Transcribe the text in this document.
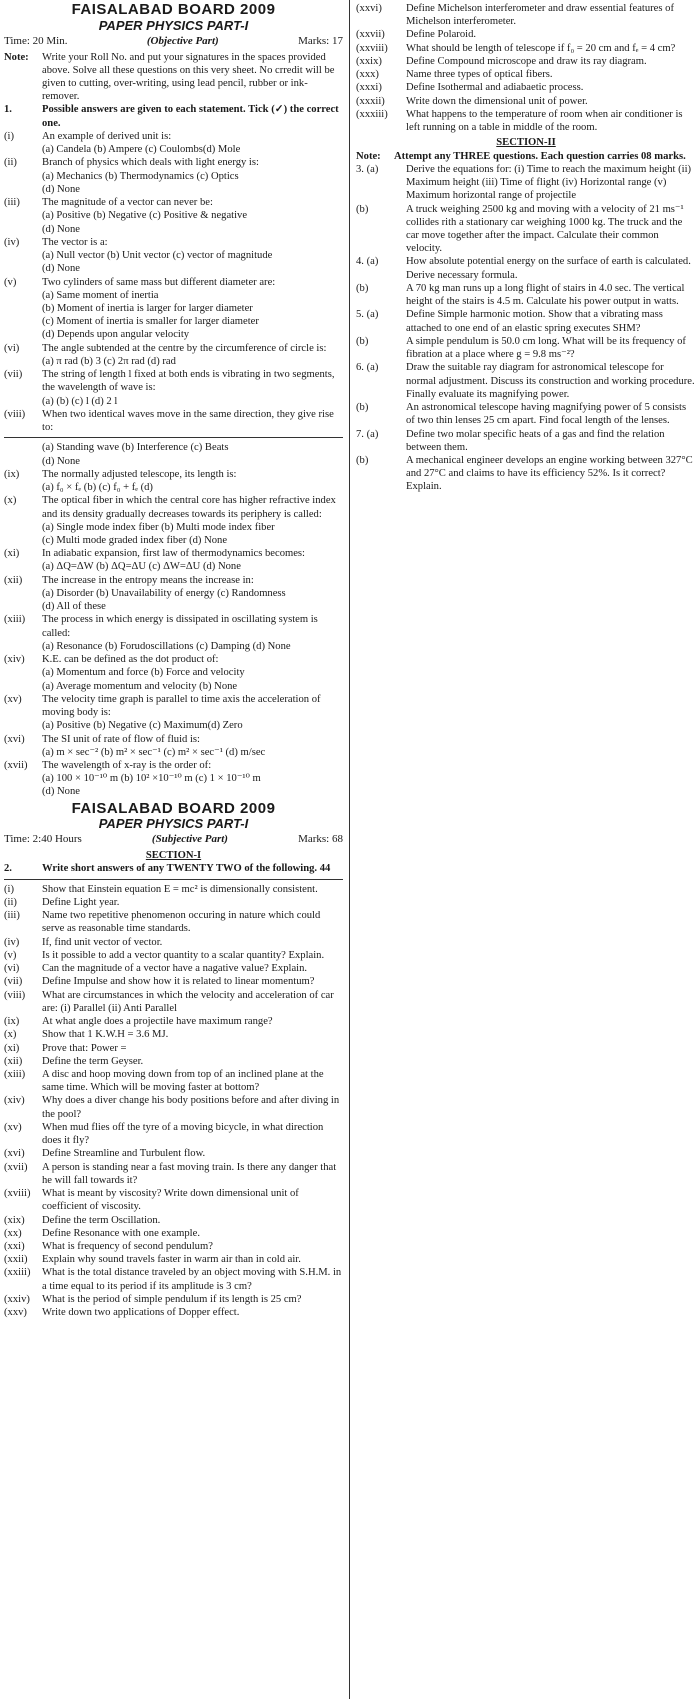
FAISALABAD BOARD 2009
PAPER PHYSICS PART-I
Time: 20 Min.	(Objective Part)	Marks: 17
Note:	Write your Roll No. and put your signatures in the spaces provided above. Solve all these questions on this very sheet. No crredit will be given to cutting, over-writing, using lead pencil, rubber or ink-remover.
1.	Possible answers are given to each statement. Tick (✓) the correct one.
(i)	An example of derived unit is:
(a) Candela (b) Ampere (c) Coulombs(d) Mole
(ii)	Branch of physics which deals with light energy is:
(a) Mechanics (b) Thermodynamics (c) Optics
(d) None
(iii)	The magnitude of a vector can never be:
(a) Positive (b) Negative (c) Positive & negative
(d) None
(iv)	The vector is a:
(a) Null vector (b) Unit vector (c) vector of magnitude
(d) None
(v)	Two cylinders of same mass but different diameter are:
(a) Same moment of inertia
(b) Moment of inertia is larger for larger diameter
(c) Moment of inertia is smaller for larger diameter
(d) Depends upon angular velocity
(vi)	The angle subtended at the centre by the circumference of circle is:
(a) π rad (b) 3 (c) 2π rad (d) rad
(vii)	The string of length l fixed at both ends is vibrating in two segments, the wavelength of wave is:
(a) (b) (c) l (d) 2 l
(viii)	When two identical waves move in the same direction, they give rise to:
(a) Standing wave (b) Interference (c) Beats
(d) None
(ix)	The normally adjusted telescope, its length is:
(a) f₀ × fₑ (b) (c) f₀ + fₑ (d)
(x)	The optical fiber in which the central core has higher refractive index and its density gradually decreases towards its periphery is called:
(a) Single mode index fiber (b) Multi mode index fiber
(c) Multi mode graded index fiber (d) None
(xi)	In adiabatic expansion, first law of thermodynamics becomes:
(a) ΔQ=ΔW (b) ΔQ=ΔU (c) ΔW=ΔU (d) None
(xii)	The increase in the entropy means the increase in:
(a) Disorder (b) Unavailability of energy (c) Randomness
(d) All of these
(xiii)	The process in which energy is dissipated in oscillating system is called:
(a) Resonance (b) Forudoscillations (c) Damping (d) None
(xiv)	K.E. can be defined as the dot product of:
(a) Momentum and force (b) Force and velocity
(a) Average momentum and velocity (b) None
(xv)	The velocity time graph is parallel to time axis the acceleration of moving body is:
(a) Positive (b) Negative (c) Maximum(d) Zero
(xvi)	The SI unit of rate of flow of fluid is:
(a) m × sec⁻² (b) m² × sec⁻¹ (c) m² × sec⁻¹ (d) m/sec
(xvii)	The wavelength of x-ray is the order of:
(a) 100 × 10⁻¹⁰ m (b) 10² ×10⁻¹⁰ m (c) 1 × 10⁻¹⁰ m
(d) None
FAISALABAD BOARD 2009
PAPER PHYSICS PART-I
Time: 2:40 Hours	(Subjective Part)	Marks: 68
SECTION-I
2.	Write short answers of any TWENTY TWO of the following. 44
(i)	Show that Einstein equation E = mc² is dimensionally consistent.
(ii)	Define Light year.
(iii)	Name two repetitive phenomenon occuring in nature which could serve as reasonable time standards.
(iv)	If, find unit vector of vector.
(v)	Is it possible to add a vector quantity to a scalar quantity? Explain.
(vi)	Can the magnitude of a vector have a nagative value? Explain.
(vii)	Define Impulse and show how it is related to linear momentum?
(viii)	What are circumstances in which the velocity and acceleration of car are: (i) Parallel (ii) Anti Parallel
(ix)	At what angle does a projectile have maximum range?
(x)	Show that 1 K.W.H = 3.6 MJ.
(xi)	Prove that: Power =
(xii)	Define the term Geyser.
(xiii)	A disc and hoop moving down from top of an inclined plane at the same time. Which will be moving faster at bottom?
(xiv)	Why does a diver change his body positions before and after diving in the pool?
(xv)	When mud flies off the tyre of a moving bicycle, in what direction does it fly?
(xvi)	Define Streamline and Turbulent flow.
(xvii)	A person is standing near a fast moving train. Is there any danger that he will fall towards it?
(xviii)	What is meant by viscosity? Write down dimensional unit of coefficient of viscosity.
(xix)	Define the term Oscillation.
(xx)	Define Resonance with one example.
(xxi)	What is frequency of second pendulum?
(xxii)	Explain why sound travels faster in warm air than in cold air.
(xxiii)	What is the total distance traveled by an object moving with S.H.M. in a time equal to its period if its amplitude is 3 cm?
(xxiv)	What is the period of simple pendulum if its length is 25 cm?
(xxv)	Write down two applications of Dopper effect.
(xxvi)	Define Michelson interferometer and draw essential features of Michelson interferometer.
(xxvii)	Define Polaroid.
(xxviii)	What should be length of telescope if f₀ = 20 cm and fₑ = 4 cm?
(xxix)	Define Compound microscope and draw its ray diagram.
(xxx)	Name three types of optical fibers.
(xxxi)	Define Isothermal and adiabaetic process.
(xxxii)	Write down the dimensional unit of power.
(xxxiii)	What happens to the temperature of room when air conditioner is left running on a table in middle of the room.
SECTION-II
Note:	Attempt any THREE questions. Each question carries 08 marks.
3. (a)	Derive the equations for: (i) Time to reach the maximum height (ii) Maximum height (iii) Time of flight (iv) Horizontal range (v) Maximum horizontal range of projectile
(b)	A truck weighing 2500 kg and moving with a velocity of 21 ms⁻¹ collides rith a stationary car weighing 1000 kg. The truck and the car move together after the impact. Calculate their common velocity.
4. (a)	How absolute potential energy on the surface of earth is calculated. Derive necessary formula.
(b)	A 70 kg man runs up a long flight of stairs in 4.0 sec. The vertical height of the stairs is 4.5 m. Calculate his power output in watts.
5. (a)	Define Simple harmonic motion. Show that a vibrating mass attached to one end of an elastic spring executes SHM?
(b)	A simple pendulum is 50.0 cm long. What will be its frequency of fibration at a place where g = 9.8 ms⁻²?
6. (a)	Draw the suitable ray diagram for astronomical telescope for normal adjustment. Discuss its construction and working procedure. Finally evaluate its magnifying power.
(b)	An astronomical telescope having magnifying power of 5 consists of two thin lenses 25 cm apart. Find focal length of the lenses.
7. (a)	Define two molar specific heats of a gas and find the relation between them.
(b)	A mechanical engineer develops an engine working between 327°C and 27°C and claims to have its efficiency 52%. Is it correct? Explain.
